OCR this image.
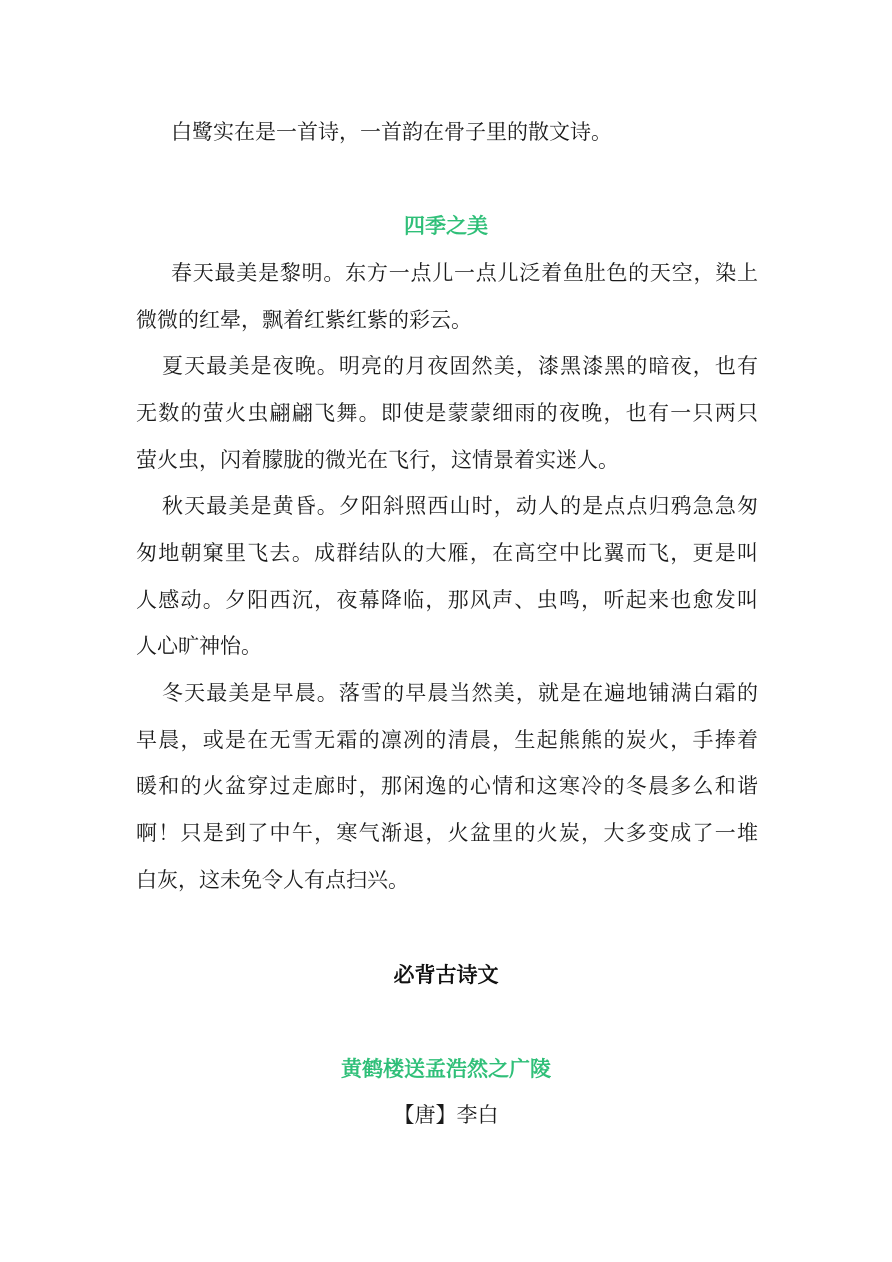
白鹭实在是一首诗，一首韵在骨子里的散文诗。
四季之美
春天最美是黎明。东方一点儿一点儿泛着鱼肚色的天空，染上
微微的红晕，飘着红紫红紫的彩云。
夏天最美是夜晚。明亮的月夜固然美，漆黑漆黑的暗夜，也有
无数的萤火虫翩翩飞舞。即使是蒙蒙细雨的夜晚，也有一只两只
萤火虫，闪着朦胧的微光在飞行，这情景着实迷人。
秋天最美是黄昏。夕阳斜照西山时，动人的是点点归鸦急急匆
匆地朝窠里飞去。成群结队的大雁，在高空中比翼而飞，更是叫
人感动。夕阳西沉，夜幕降临，那风声、虫鸣，听起来也愈发叫
人心旷神怡。
冬天最美是早晨。落雪的早晨当然美，就是在遍地铺满白霜的
早晨，或是在无雪无霜的凛冽的清晨，生起熊熊的炭火，手捧着
暖和的火盆穿过走廊时，那闲逸的心情和这寒冷的冬晨多么和谐
啊！只是到了中午，寒气渐退，火盆里的火炭，大多变成了一堆
白灰，这未免令人有点扫兴。
必背古诗文
黄鹤楼送孟浩然之广陵
【唐】李白
